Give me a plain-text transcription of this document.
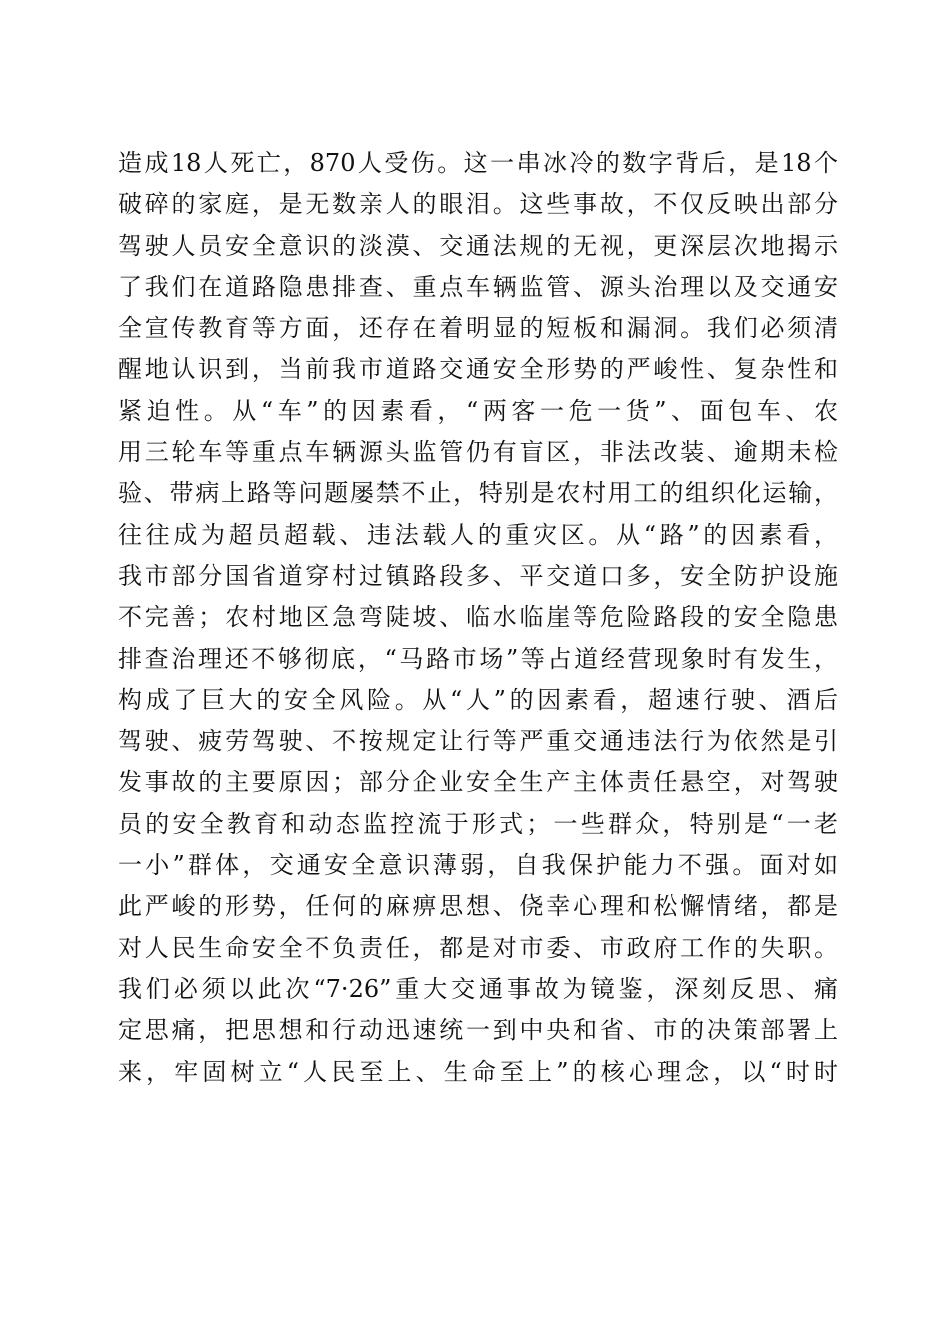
造成18人死亡，870人受伤。这一串冰冷的数字背后，是18个
破碎的家庭，是无数亲人的眼泪。这些事故，不仅反映出部分
驾驶人员安全意识的淡漠、交通法规的无视，更深层次地揭示
了我们在道路隐患排查、重点车辆监管、源头治理以及交通安
全宣传教育等方面，还存在着明显的短板和漏洞。我们必须清
醒地认识到，当前我市道路交通安全形势的严峻性、复杂性和
紧迫性。从“车”的因素看，“两客一危一货”、面包车、农
用三轮车等重点车辆源头监管仍有盲区，非法改装、逾期未检
验、带病上路等问题屡禁不止，特别是农村用工的组织化运输，
往往成为超员超载、违法载人的重灾区。从“路”的因素看，
我市部分国省道穿村过镇路段多、平交道口多，安全防护设施
不完善；农村地区急弯陡坡、临水临崖等危险路段的安全隐患
排查治理还不够彻底，“马路市场”等占道经营现象时有发生，
构成了巨大的安全风险。从“人”的因素看，超速行驶、酒后
驾驶、疲劳驾驶、不按规定让行等严重交通违法行为依然是引
发事故的主要原因；部分企业安全生产主体责任悬空，对驾驶
员的安全教育和动态监控流于形式；一些群众，特别是“一老
一小”群体，交通安全意识薄弱，自我保护能力不强。面对如
此严峻的形势，任何的麻痹思想、侥幸心理和松懈情绪，都是
对人民生命安全不负责任，都是对市委、市政府工作的失职。
我们必须以此次“7·26”重大交通事故为镜鉴，深刻反思、痛
定思痛，把思想和行动迅速统一到中央和省、市的决策部署上
来，牢固树立“人民至上、生命至上”的核心理念，以“时时
